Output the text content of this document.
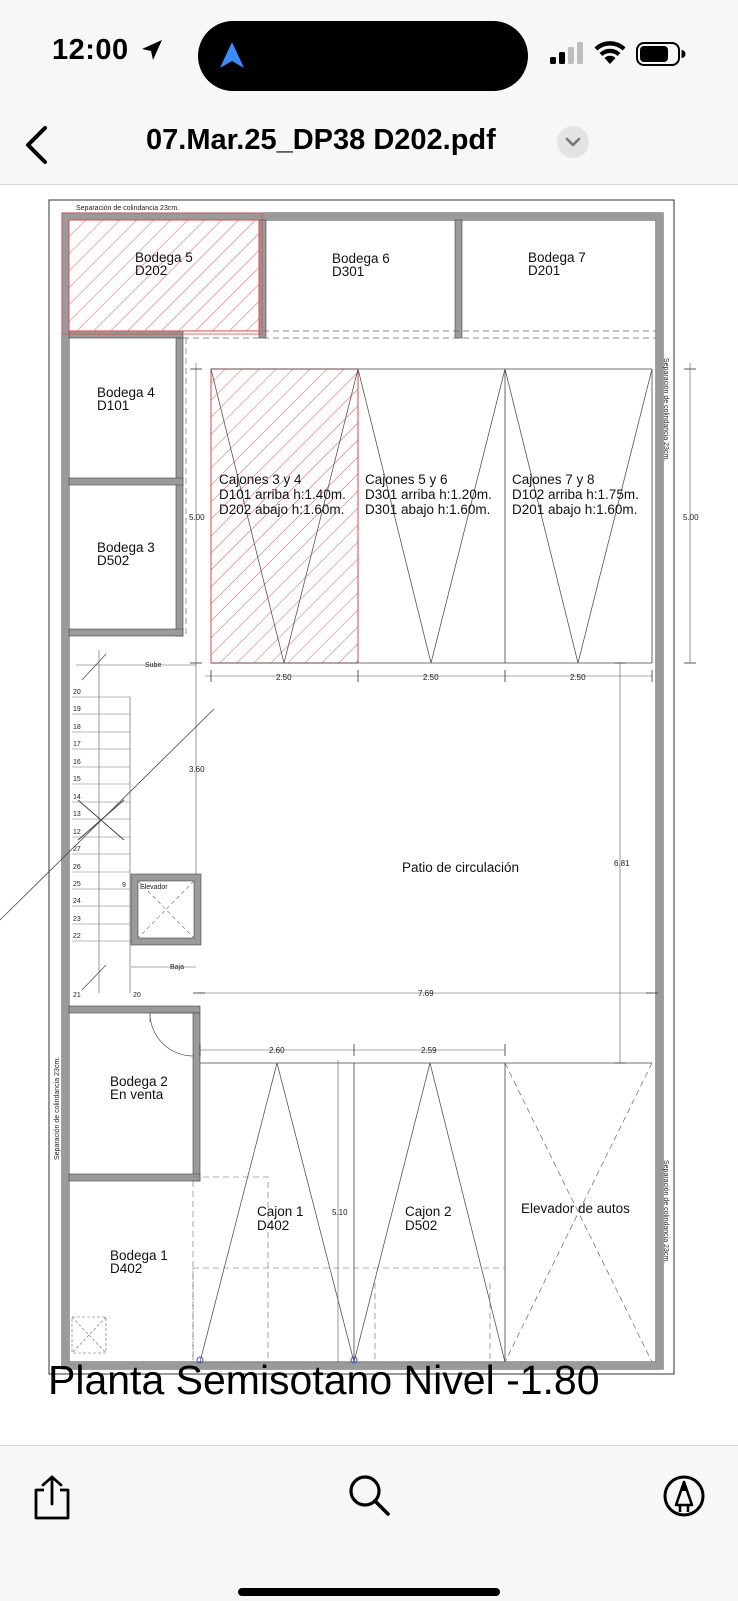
12:00
07.Mar.25_DP38 D202.pdf
Separación de colindancia 23cm.
Separación de colindancia 23cm.
Separación de colindancia 23cm.
Separación de colindancia 23cm.
Bodega 5
D202
Bodega 6
D301
Bodega 7
D201
Bodega 4
D101
Bodega 3
D502
Cajones 3 y 4
D101 arriba h:1.40m.
D202 abajo h:1.60m.
Cajones 5 y 6
D301 arriba h:1.20m.
D301 abajo h:1.60m.
Cajones 7 y 8
D102 arriba h:1.75m.
D201 abajo h:1.60m.
5.00	5.00
2.50	2.50	2.50
3.60
6.81
7.69
2.60	2.59
5.10
Patio de circulación
Sube
Baja
Elevador
20
19
18
17
16
15
14
13
12
27
26
25
24
23
22
21	20
9
Bodega 2
En venta
Bodega 1
D402
Cajon 1
D402
Cajon 2
D502
Elevador de autos
Planta Semisotano Nivel -1.80
